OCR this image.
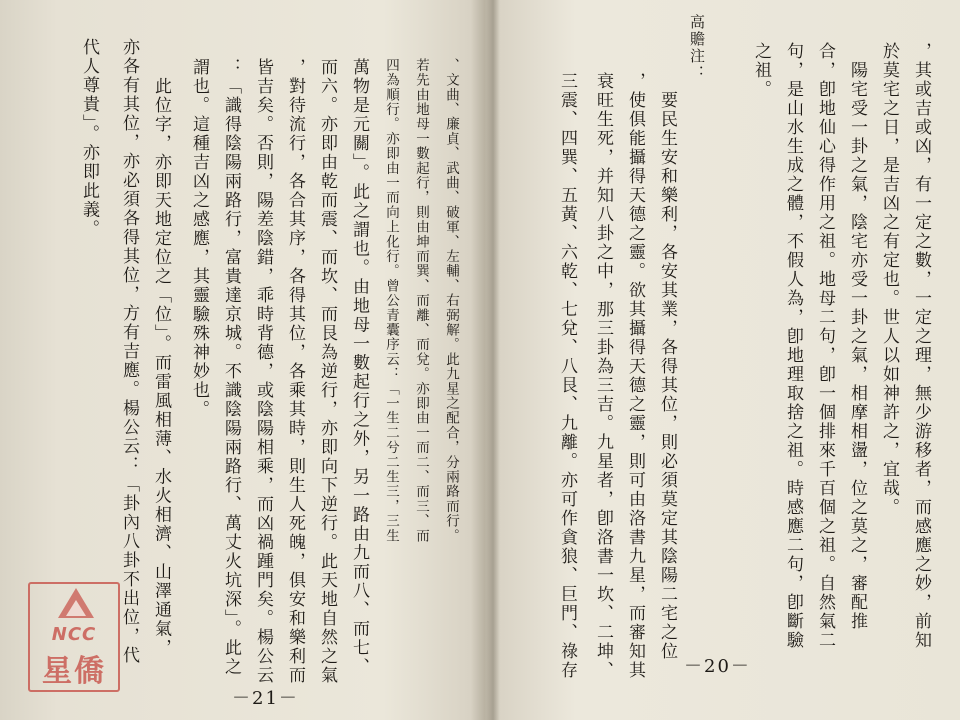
－21－
、文曲、廉貞、武曲、破軍、左輔、右弼解。此九星之配合，分兩路而行。
若先由地母一數起行，則由坤而巽、而離、而兌。亦即由一而二、而三、而
四為順行。亦即由一而向上化行。曾公青囊序云：「一生二兮二生三，三生
萬物是元關」。此之謂也。由地母一數起行之外，另一路由九而八、而七、
而六。亦即由乾而震、而坎、而艮為逆行，亦即向下逆行。此天地自然之氣
，對待流行，各合其序，各得其位，各乘其時，則生人死魄，俱安和樂利而
皆吉矣。否則，陽差陰錯，乖時背德，或陰陽相乘，而凶禍踵門矣。楊公云
：「識得陰陽兩路行，富貴達京城。不識陰陽兩路行、萬丈火坑深」。此之
謂也。這種吉凶之感應，其靈驗殊神妙也。
　此位字，亦即天地定位之「位」。而雷風相薄、水火相濟、山澤通氣，
亦各有其位，亦必須各得其位，方有吉應。楊公云：「卦內八卦不出位，代
代人尊貴」。亦即此義。
－20－
，其或吉或凶，有一定之數，一定之理，無少游移者，而感應之妙，前知
於莫宅之日，是吉凶之有定也。世人以如神許之，宜哉。
　陽宅受一卦之氣，陰宅亦受一卦之氣，相摩相盪，位之莫之，審配推
合，卽地仙心得作用之祖。地母二句，卽一個排來千百個之祖。自然氣二
句，是山水生成之體，不假人為，卽地理取捨之祖。時感應二句，卽斷驗
之祖。
高贍注：
　要民生安和樂利，各安其業，各得其位，則必須莫定其陰陽二宅之位
，使俱能攝得天德之靈。欲其攝得天德之靈，則可由洛書九星，而審知其
衰旺生死，并知八卦之中，那三卦為三吉。九星者，卽洛書一坎、二坤、
三震、四巽、五黃、六乾、七兌、八艮、九離。亦可作貪狼、巨門、祿存
NCC
星僑
